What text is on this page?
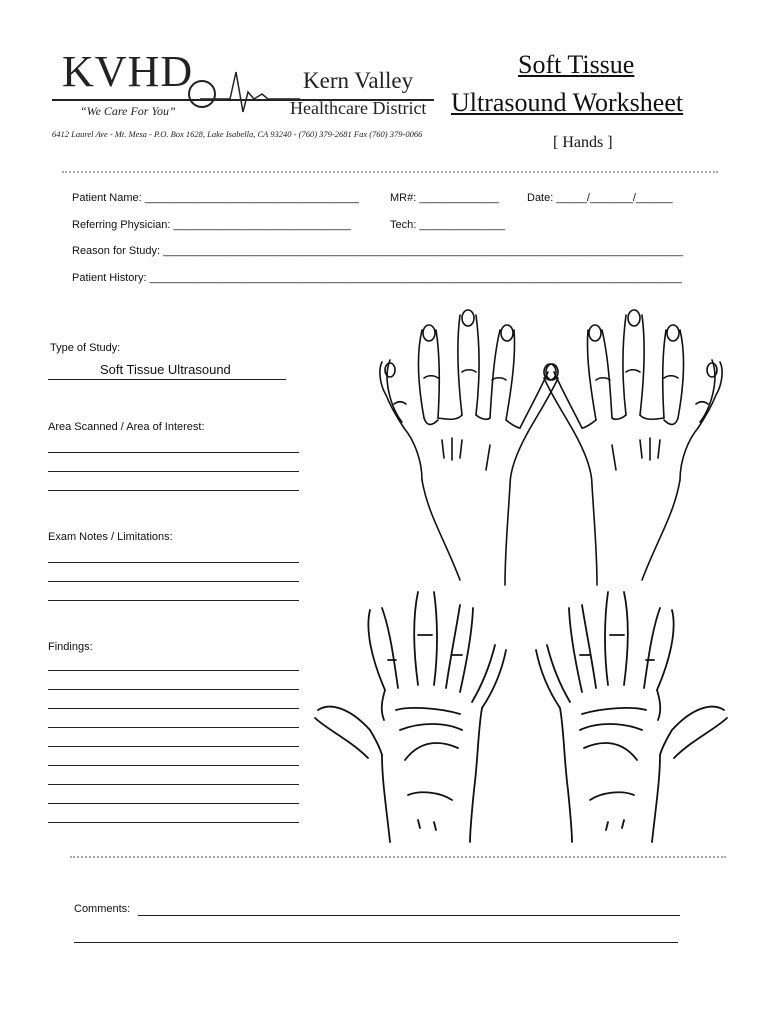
KVHD
“We Care For You”
Kern Valley
Healthcare District
6412 Laurel Ave - Mt. Mesa - P.O. Box 1628, Lake Isabella, CA 93240 - (760) 379-2681 Fax (760) 379-0066
Soft Tissue
Ultrasound Worksheet
[ Hands ]
Patient Name: ___________________________________	MR#: _____________	Date: _____/_______/______
Referring Physician: _____________________________	Tech: ______________
Reason for Study: _____________________________________________________________________________________
Patient History: _______________________________________________________________________________________
Type of Study:
Soft Tissue Ultrasound
Area Scanned / Area of Interest:
Exam Notes / Limitations:
Findings:
Comments:
